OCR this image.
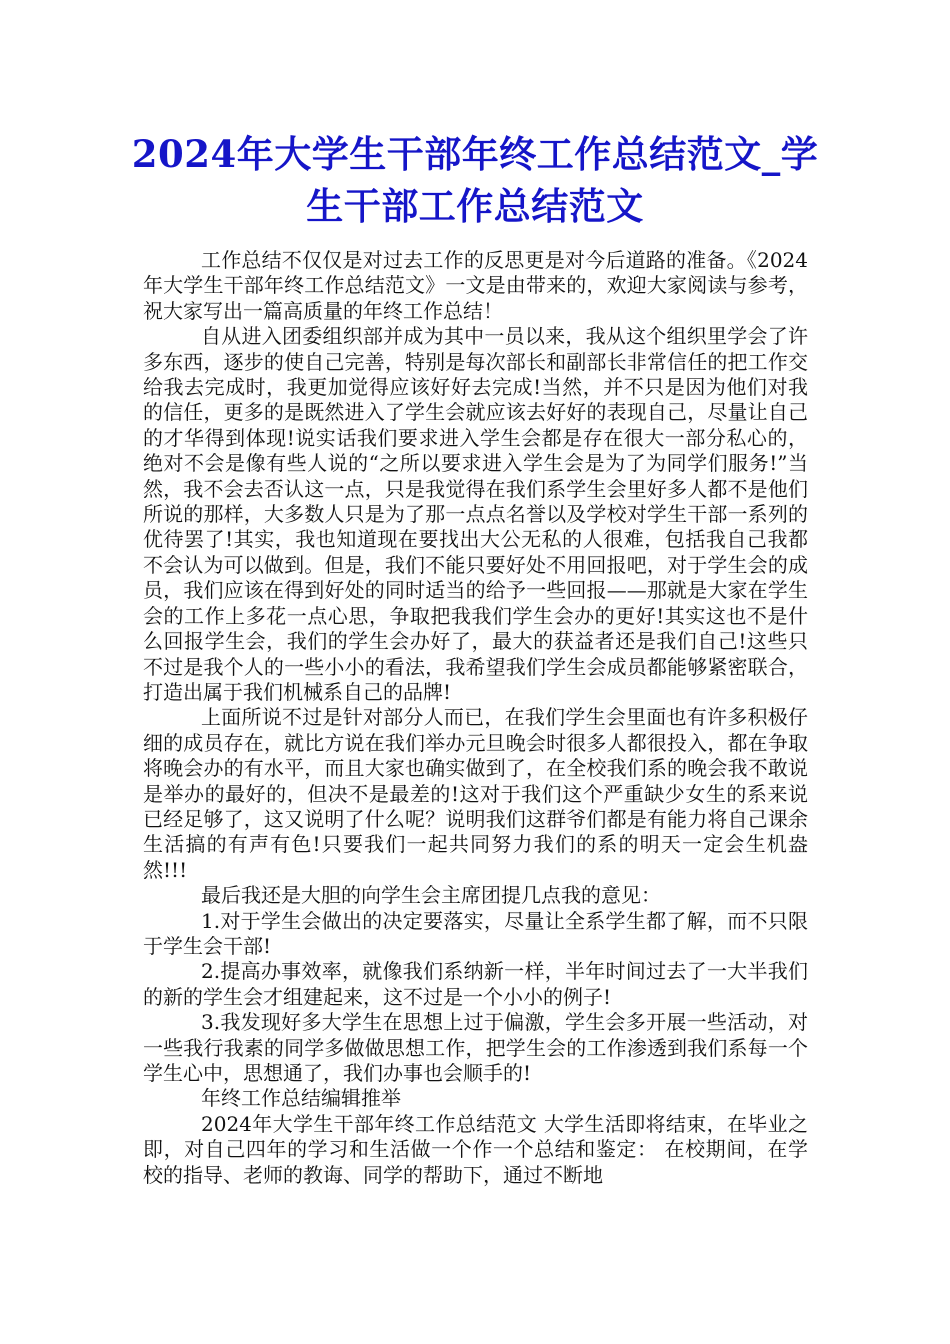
2024年大学生干部年终工作总结范文_学生干部工作总结范文

工作总结不仅仅是对过去工作的反思更是对今后道路的准备。《2024年大学生干部年终工作总结范文》一文是由带来的，欢迎大家阅读与参考，祝大家写出一篇高质量的年终工作总结！

自从进入团委组织部并成为其中一员以来，我从这个组织里学会了许多东西，逐步的使自己完善，特别是每次部长和副部长非常信任的把工作交给我去完成时，我更加觉得应该好好去完成!当然，并不只是因为他们对我的信任，更多的是既然进入了学生会就应该去好好的表现自己，尽量让自己的才华得到体现!说实话我们要求进入学生会都是存在很大一部分私心的，绝对不会是像有些人说的“之所以要求进入学生会是为了为同学们服务!”当然，我不会去否认这一点，只是我觉得在我们系学生会里好多人都不是他们所说的那样，大多数人只是为了那一点点名誉以及学校对学生干部一系列的优待罢了!其实，我也知道现在要找出大公无私的人很难，包括我自己我都不会认为可以做到。但是，我们不能只要好处不用回报吧，对于学生会的成员，我们应该在得到好处的同时适当的给予一些回报——那就是大家在学生会的工作上多花一点心思，争取把我我们学生会办的更好!其实这也不是什么回报学生会，我们的学生会办好了，最大的获益者还是我们自己!这些只不过是我个人的一些小小的看法，我希望我们学生会成员都能够紧密联合，打造出属于我们机械系自己的品牌!

上面所说不过是针对部分人而已，在我们学生会里面也有许多积极仔细的成员存在，就比方说在我们举办元旦晚会时很多人都很投入，都在争取将晚会办的有水平，而且大家也确实做到了，在全校我们系的晚会我不敢说是举办的最好的，但决不是最差的!这对于我们这个严重缺少女生的系来说已经足够了，这又说明了什么呢？说明我们这群爷们都是有能力将自己课余生活搞的有声有色!只要我们一起共同努力我们的系的明天一定会生机盎然!!!

最后我还是大胆的向学生会主席团提几点我的意见：

1.对于学生会做出的决定要落实，尽量让全系学生都了解，而不只限于学生会干部!

2.提高办事效率，就像我们系纳新一样，半年时间过去了一大半我们的新的学生会才组建起来，这不过是一个小小的例子!

3.我发现好多大学生在思想上过于偏激，学生会多开展一些活动，对一些我行我素的同学多做做思想工作，把学生会的工作渗透到我们系每一个学生心中，思想通了，我们办事也会顺手的!

年终工作总结编辑推举

2024年大学生干部年终工作总结范文 大学生活即将结束，在毕业之即，对自己四年的学习和生活做一个作一个总结和鉴定： 在校期间，在学校的指导、老师的教诲、同学的帮助下，通过不断地
